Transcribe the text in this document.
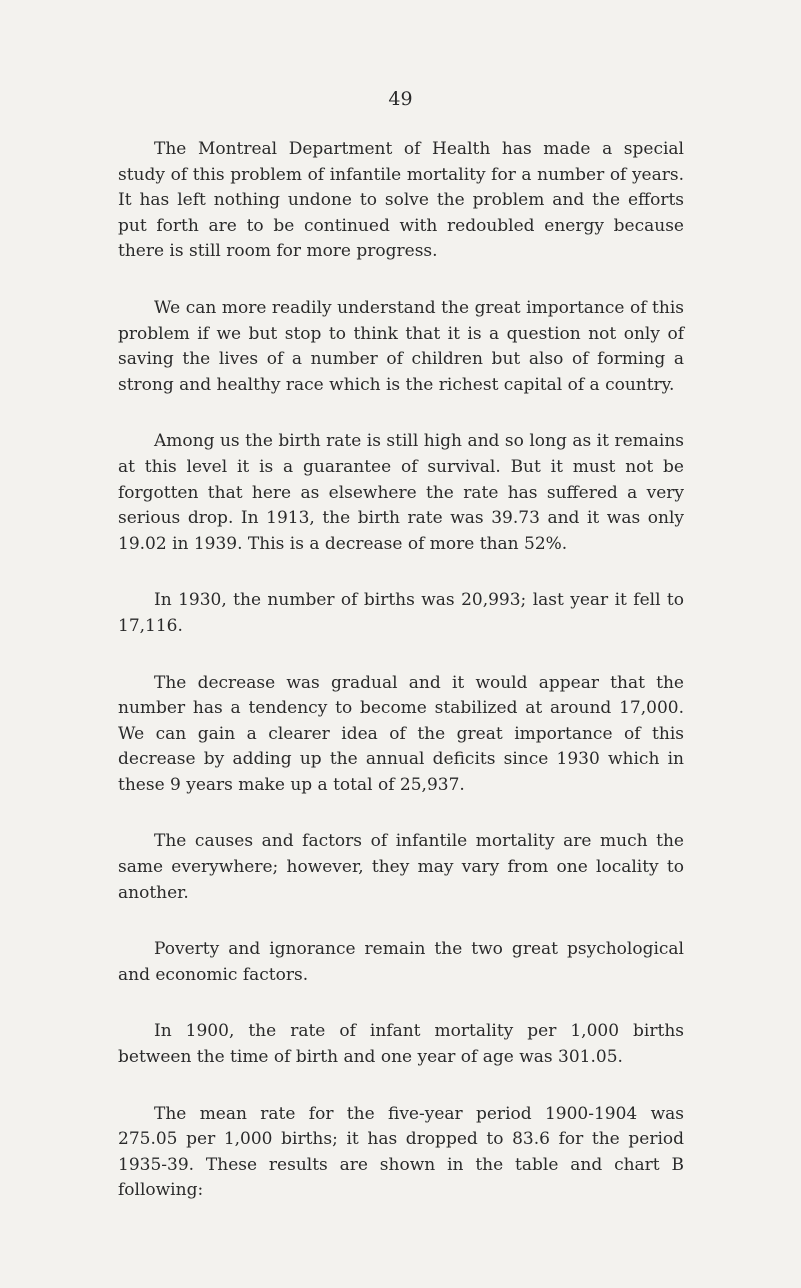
49

The Montreal Department of Health has made a special study of this problem of infantile mortality for a number of years. It has left nothing undone to solve the problem and the efforts put forth are to be continued with redoubled energy because there is still room for more progress.

We can more readily understand the great importance of this problem if we but stop to think that it is a question not only of saving the lives of a number of children but also of forming a strong and healthy race which is the richest capital of a country.

Among us the birth rate is still high and so long as it remains at this level it is a guarantee of survival. But it must not be forgotten that here as elsewhere the rate has suffered a very serious drop. In 1913, the birth rate was 39.73 and it was only 19.02 in 1939. This is a decrease of more than 52%.

In 1930, the number of births was 20,993; last year it fell to 17,116.

The decrease was gradual and it would appear that the number has a tendency to become stabilized at around 17,000. We can gain a clearer idea of the great importance of this decrease by adding up the annual deficits since 1930 which in these 9 years make up a total of 25,937.

The causes and factors of infantile mortality are much the same everywhere; however, they may vary from one locality to another.

Poverty and ignorance remain the two great psychological and economic factors.

In 1900, the rate of infant mortality per 1,000 births between the time of birth and one year of age was 301.05.

The mean rate for the five-year period 1900-1904 was 275.05 per 1,000 births; it has dropped to 83.6 for the period 1935-39. These results are shown in the table and chart B following:
